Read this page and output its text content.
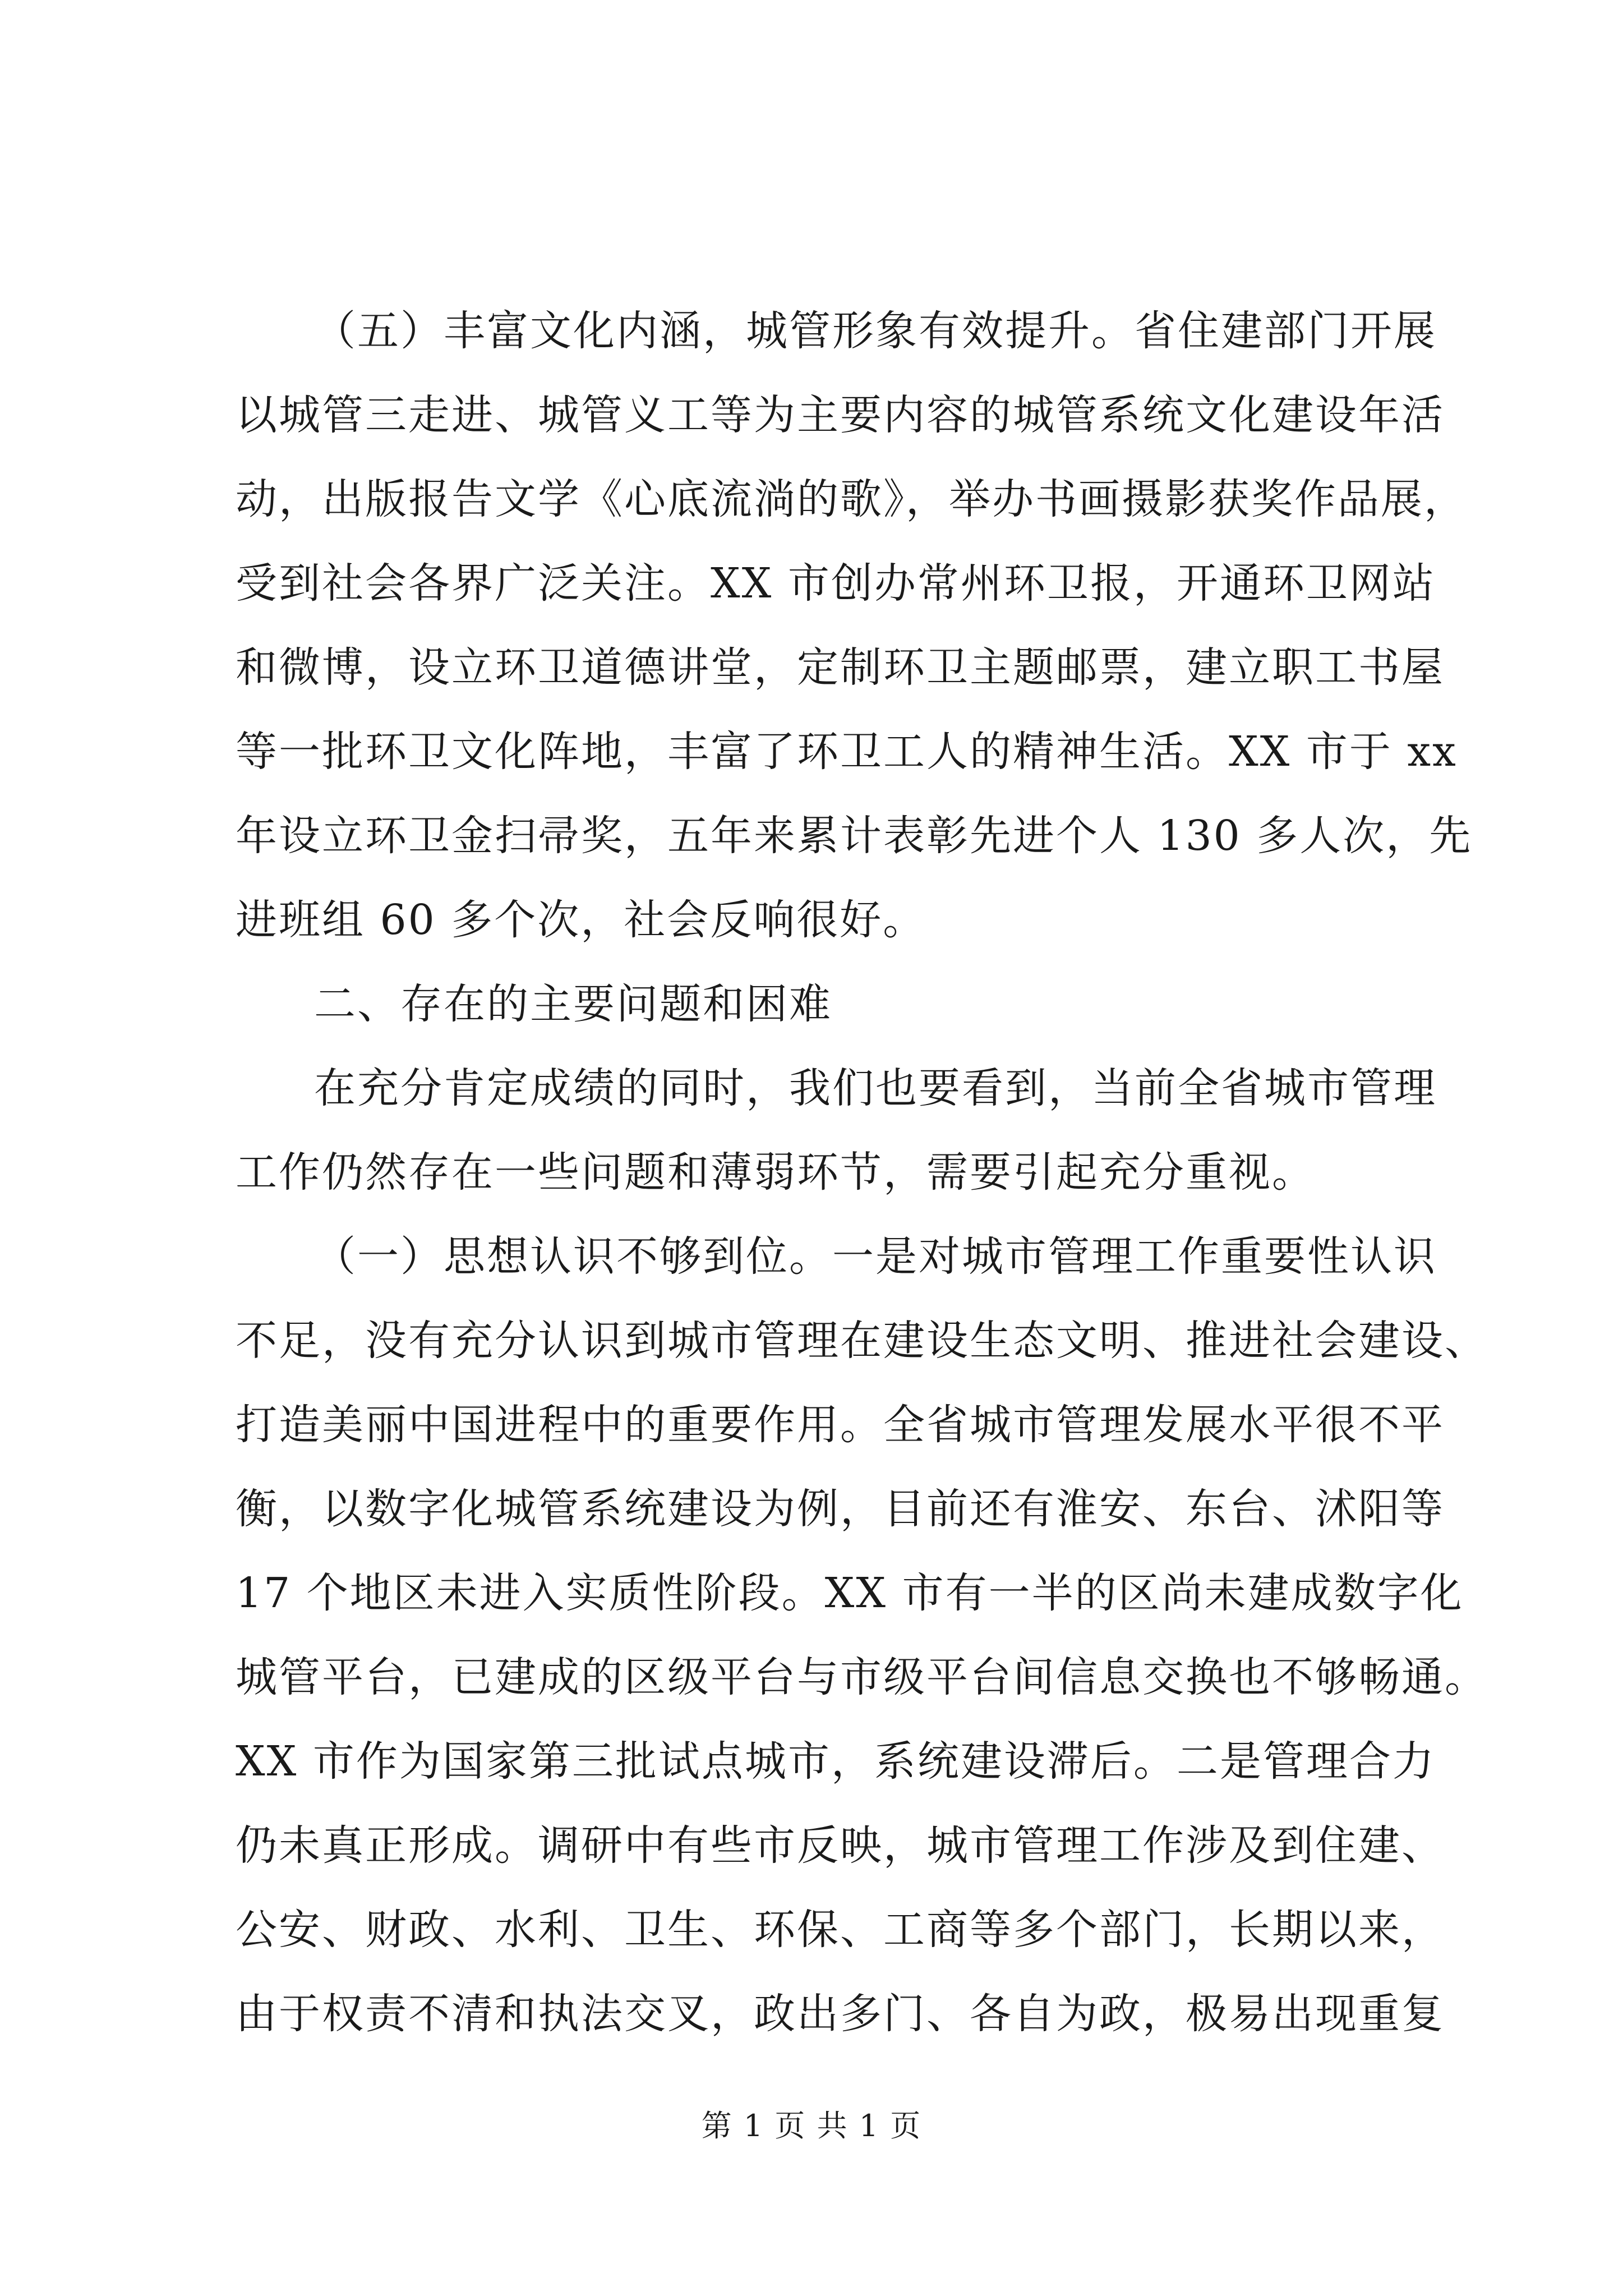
（五）丰富文化内涵，城管形象有效提升。省住建部门开展
以城管三走进、城管义工等为主要内容的城管系统文化建设年活
动，出版报告文学《心底流淌的歌》，举办书画摄影获奖作品展，
受到社会各界广泛关注。XX 市创办常州环卫报，开通环卫网站
和微博，设立环卫道德讲堂，定制环卫主题邮票，建立职工书屋
等一批环卫文化阵地，丰富了环卫工人的精神生活。XX 市于 xx
年设立环卫金扫帚奖，五年来累计表彰先进个人 130 多人次，先
进班组 60 多个次，社会反响很好。
二、存在的主要问题和困难
在充分肯定成绩的同时，我们也要看到，当前全省城市管理
工作仍然存在一些问题和薄弱环节，需要引起充分重视。
（一）思想认识不够到位。一是对城市管理工作重要性认识
不足，没有充分认识到城市管理在建设生态文明、推进社会建设、
打造美丽中国进程中的重要作用。全省城市管理发展水平很不平
衡，以数字化城管系统建设为例，目前还有淮安、东台、沭阳等
17 个地区未进入实质性阶段。XX 市有一半的区尚未建成数字化
城管平台，已建成的区级平台与市级平台间信息交换也不够畅通。
XX 市作为国家第三批试点城市，系统建设滞后。二是管理合力
仍未真正形成。调研中有些市反映，城市管理工作涉及到住建、
公安、财政、水利、卫生、环保、工商等多个部门，长期以来，
由于权责不清和执法交叉，政出多门、各自为政，极易出现重复
第 1 页 共 1 页
